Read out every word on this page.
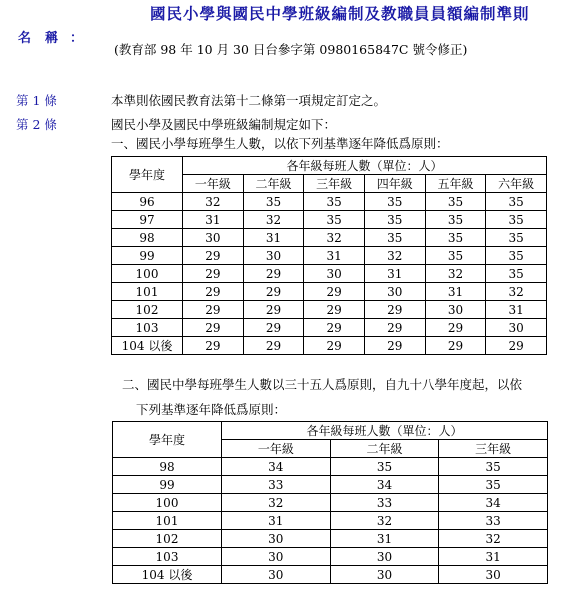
國民小學與國民中學班級編制及教職員員額編制準則
名稱
：
(教育部 98 年 10 月 30 日台參字第 0980165847C 號令修正)
第 1 條	本準則依國民教育法第十二條第一項規定訂定之。
第 2 條	國民小學及國民中學班級編制規定如下：
一、國民小學每班學生人數，以依下列基準逐年降低爲原則：
學年度	各年級每班人數（單位：人）					
	一年級	二年級	三年級	四年級	五年級	六年級
96	32	35	35	35	35	35
97	31	32	35	35	35	35
98	30	31	32	35	35	35
99	29	30	31	32	35	35
100	29	29	30	31	32	35
101	29	29	29	30	31	32
102	29	29	29	29	30	31
103	29	29	29	29	29	30
104 以後	29	29	29	29	29	29
二、國民中學每班學生人數以三十五人爲原則，自九十八學年度起，以依
下列基準逐年降低爲原則：
學年度	各年級每班人數（單位：人）		
	一年級	二年級	三年級
98	34	35	35
99	33	34	35
100	32	33	34
101	31	32	33
102	30	31	32
103	30	30	31
104 以後	30	30	30
